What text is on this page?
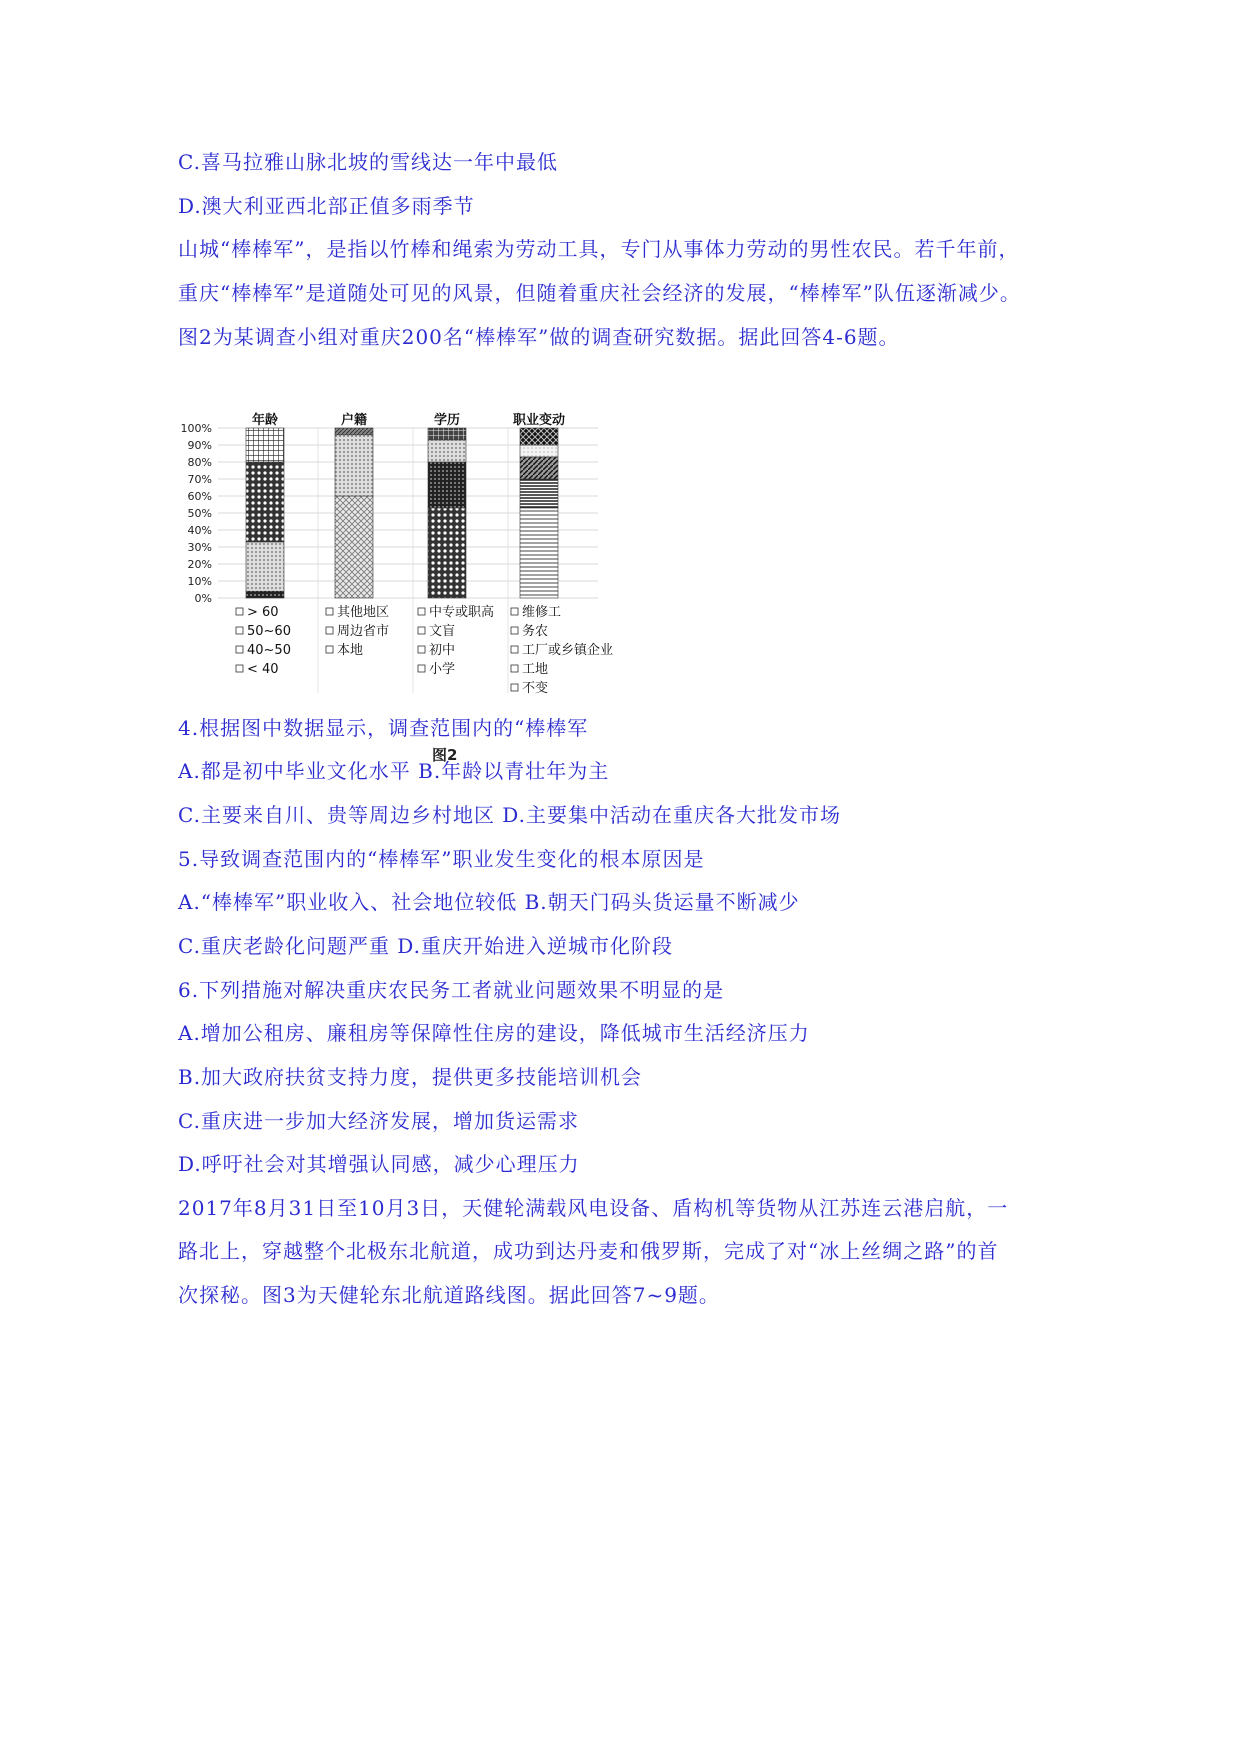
C.喜马拉雅山脉北坡的雪线达一年中最低
D.澳大利亚西北部正值多雨季节
山城“棒棒军”，是指以竹棒和绳索为劳动工具，专门从事体力劳动的男性农民。若千年前，
重庆“棒棒军”是道随处可见的风景，但随着重庆社会经济的发展，“棒棒军”队伍逐渐减少。
图2为某调查小组对重庆200名“棒棒军”做的调查研究数据。据此回答4-6题。
0%
10%
20%
30%
40%
50%
60%
70%
80%
90%
100%
年龄	户籍	学历	职业变动
> 60
50~60
40~50
< 40
其他地区
周边省市
本地
中专或职高
文盲
初中
小学
维修工
务农
工厂或乡镇企业
工地
不变
图2
4.根据图中数据显示，调查范围内的“棒棒军
A.都是初中毕业文化水平 B.年龄以青壮年为主
C.主要来自川、贵等周边乡村地区 D.主要集中活动在重庆各大批发市场
5.导致调查范围内的“棒棒军”职业发生变化的根本原因是
A.“棒棒军”职业收入、社会地位较低 B.朝天门码头货运量不断减少
C.重庆老龄化问题严重 D.重庆开始进入逆城市化阶段
6.下列措施对解决重庆农民务工者就业问题效果不明显的是
A.增加公租房、廉租房等保障性住房的建设，降低城市生活经济压力
B.加大政府扶贫支持力度，提供更多技能培训机会
C.重庆进一步加大经济发展，增加货运需求
D.呼吁社会对其增强认同感，减少心理压力
2017年8月31日至10月3日，天健轮满载风电设备、盾构机等货物从江苏连云港启航，一
路北上，穿越整个北极东北航道，成功到达丹麦和俄罗斯，完成了对“冰上丝绸之路”的首
次探秘。图3为天健轮东北航道路线图。据此回答7~9题。
